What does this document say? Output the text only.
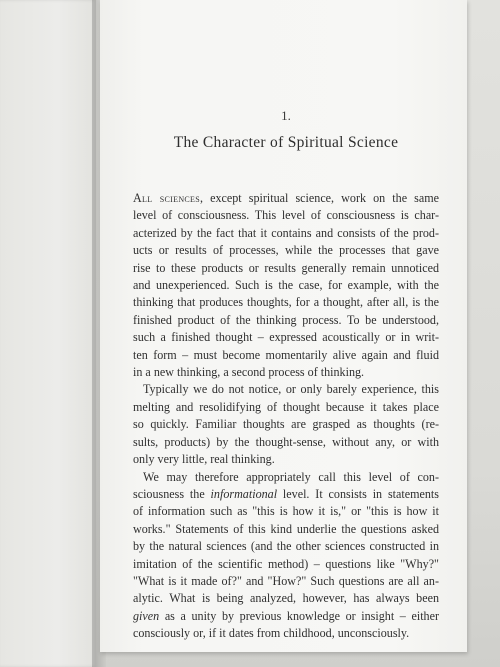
1.
The Character of Spiritual Science

All sciences, except spiritual science, work on the same
level of consciousness. This level of consciousness is char-
acterized by the fact that it contains and consists of the prod-
ucts or results of processes, while the processes that gave
rise to these products or results generally remain unnoticed
and unexperienced. Such is the case, for example, with the
thinking that produces thoughts, for a thought, after all, is the
finished product of the thinking process. To be understood,
such a finished thought – expressed acoustically or in writ-
ten form – must become momentarily alive again and fluid
in a new thinking, a second process of thinking.

Typically we do not notice, or only barely experience, this
melting and resolidifying of thought because it takes place
so quickly. Familiar thoughts are grasped as thoughts (re-
sults, products) by the thought-sense, without any, or with
only very little, real thinking.

We may therefore appropriately call this level of con-
sciousness the informational level. It consists in statements
of information such as "this is how it is," or "this is how it
works." Statements of this kind underlie the questions asked
by the natural sciences (and the other sciences constructed in
imitation of the scientific method) – questions like "Why?"
"What is it made of?" and "How?" Such questions are all an-
alytic. What is being analyzed, however, has always been
given as a unity by previous knowledge or insight – either
consciously or, if it dates from childhood, unconsciously.
